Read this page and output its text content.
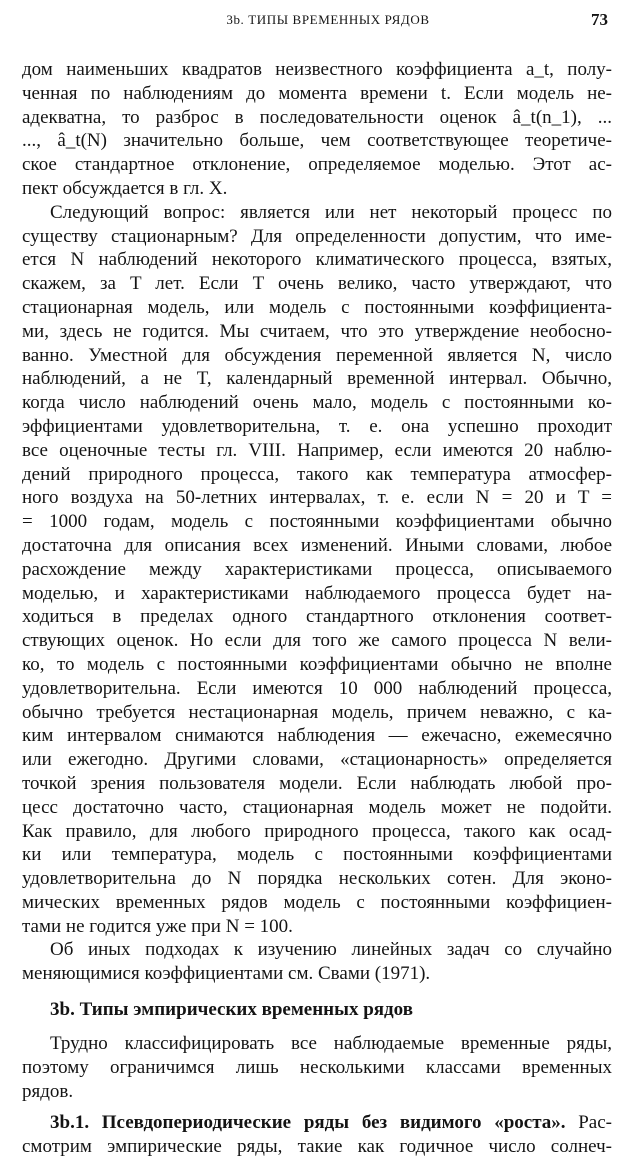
3b. ТИПЫ ВРЕМЕННЫХ РЯДОВ	73

дом наименьших квадратов неизвестного коэффициента a_t, полу-
ченная по наблюдениям до момента времени t. Если модель не-
адекватна, то разброс в последовательности оценок â_t(n_1), ...
..., â_t(N) значительно больше, чем соответствующее теоретиче-
ское стандартное отклонение, определяемое моделью. Этот ас-
пект обсуждается в гл. X.

Следующий вопрос: является или нет некоторый процесс по
существу стационарным? Для определенности допустим, что име-
ется N наблюдений некоторого климатического процесса, взятых,
скажем, за T лет. Если T очень велико, часто утверждают, что
стационарная модель, или модель с постоянными коэффициента-
ми, здесь не годится. Мы считаем, что это утверждение необосно-
ванно. Уместной для обсуждения переменной является N, число
наблюдений, а не T, календарный временной интервал. Обычно,
когда число наблюдений очень мало, модель с постоянными ко-
эффициентами удовлетворительна, т. е. она успешно проходит
все оценочные тесты гл. VIII. Например, если имеются 20 наблю-
дений природного процесса, такого как температура атмосфер-
ного воздуха на 50-летних интервалах, т. е. если N = 20 и T =
= 1000 годам, модель с постоянными коэффициентами обычно
достаточна для описания всех изменений. Иными словами, любое
расхождение между характеристиками процесса, описываемого
моделью, и характеристиками наблюдаемого процесса будет на-
ходиться в пределах одного стандартного отклонения соответ-
ствующих оценок. Но если для того же самого процесса N вели-
ко, то модель с постоянными коэффициентами обычно не вполне
удовлетворительна. Если имеются 10 000 наблюдений процесса,
обычно требуется нестационарная модель, причем неважно, с ка-
ким интервалом снимаются наблюдения — ежечасно, ежемесячно
или ежегодно. Другими словами, «стационарность» определяется
точкой зрения пользователя модели. Если наблюдать любой про-
цесс достаточно часто, стационарная модель может не подойти.
Как правило, для любого природного процесса, такого как осад-
ки или температура, модель с постоянными коэффициентами
удовлетворительна до N порядка нескольких сотен. Для эконо-
мических временных рядов модель с постоянными коэффициен-
тами не годится уже при N = 100.

Об иных подходах к изучению линейных задач со случайно
меняющимися коэффициентами см. Свами (1971).

3b. Типы эмпирических временных рядов

Трудно классифицировать все наблюдаемые временные ряды,
поэтому ограничимся лишь несколькими классами временных
рядов.

3b.1. Псевдопериодические ряды без видимого «роста». Рас-
смотрим эмпирические ряды, такие как годичное число солнеч-
